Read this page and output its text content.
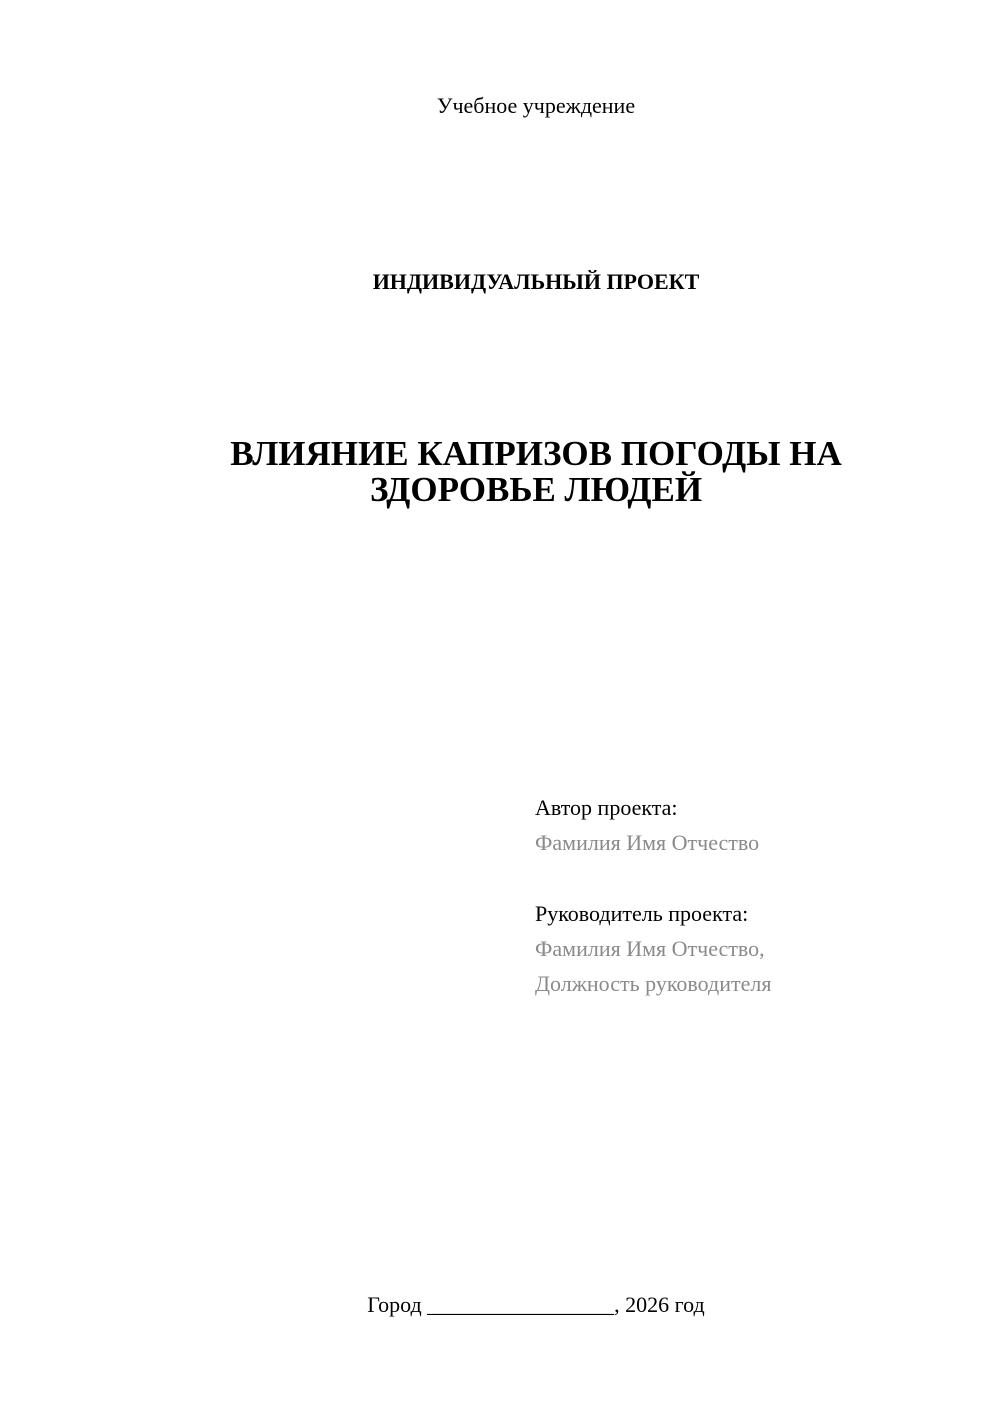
Учебное учреждение

ИНДИВИДУАЛЬНЫЙ ПРОЕКТ

ВЛИЯНИЕ КАПРИЗОВ ПОГОДЫ НА
ЗДОРОВЬЕ ЛЮДЕЙ

Автор проекта:

Фамилия Имя Отчество

Руководитель проекта:

Фамилия Имя Отчество,

Должность руководителя

Город _________________, 2026 год
